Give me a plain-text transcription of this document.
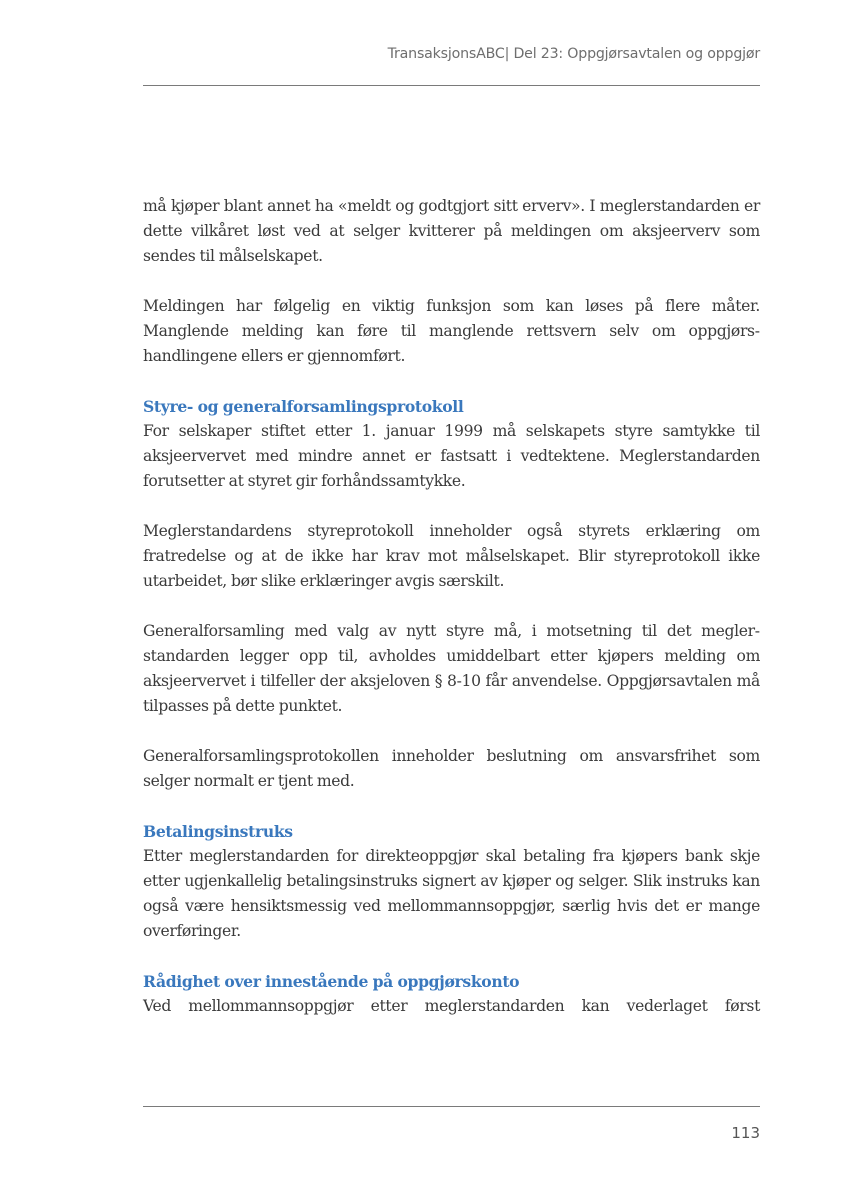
TransaksjonsABC| Del 23: Oppgjørsavtalen og oppgjør

må kjøper blant annet ha «meldt og godtgjort sitt erverv». I meglerstandarden er dette vilkåret løst ved at selger kvitterer på meldingen om aksjeerverv som sendes til målselskapet.

Meldingen har følgelig en viktig funksjon som kan løses på flere måter. Manglende melding kan føre til manglende rettsvern selv om oppgjørshandlingene ellers er gjennomført.

Styre- og generalforsamlingsprotokoll

For selskaper stiftet etter 1. januar 1999 må selskapets styre samtykke til aksjeervervet med mindre annet er fastsatt i vedtektene. Meglerstandarden forutsetter at styret gir forhåndssamtykke.

Meglerstandardens styreprotokoll inneholder også styrets erklæring om fratredelse og at de ikke har krav mot målselskapet. Blir styreprotokoll ikke utarbeidet, bør slike erklæringer avgis særskilt.

Generalforsamling med valg av nytt styre må, i motsetning til det meglerstandarden legger opp til, avholdes umiddelbart etter kjøpers melding om aksjeervervet i tilfeller der aksjeloven § 8-10 får anvendelse. Oppgjørsavtalen må tilpasses på dette punktet.

Generalforsamlingsprotokollen inneholder beslutning om ansvarsfrihet som selger normalt er tjent med.

Betalingsinstruks

Etter meglerstandarden for direkteoppgjør skal betaling fra kjøpers bank skje etter ugjenkallelig betalingsinstruks signert av kjøper og selger. Slik instruks kan også være hensiktsmessig ved mellommannsoppgjør, særlig hvis det er mange overføringer.

Rådighet over innestående på oppgjørskonto

Ved mellommannsoppgjør etter meglerstandarden kan vederlaget først

113
